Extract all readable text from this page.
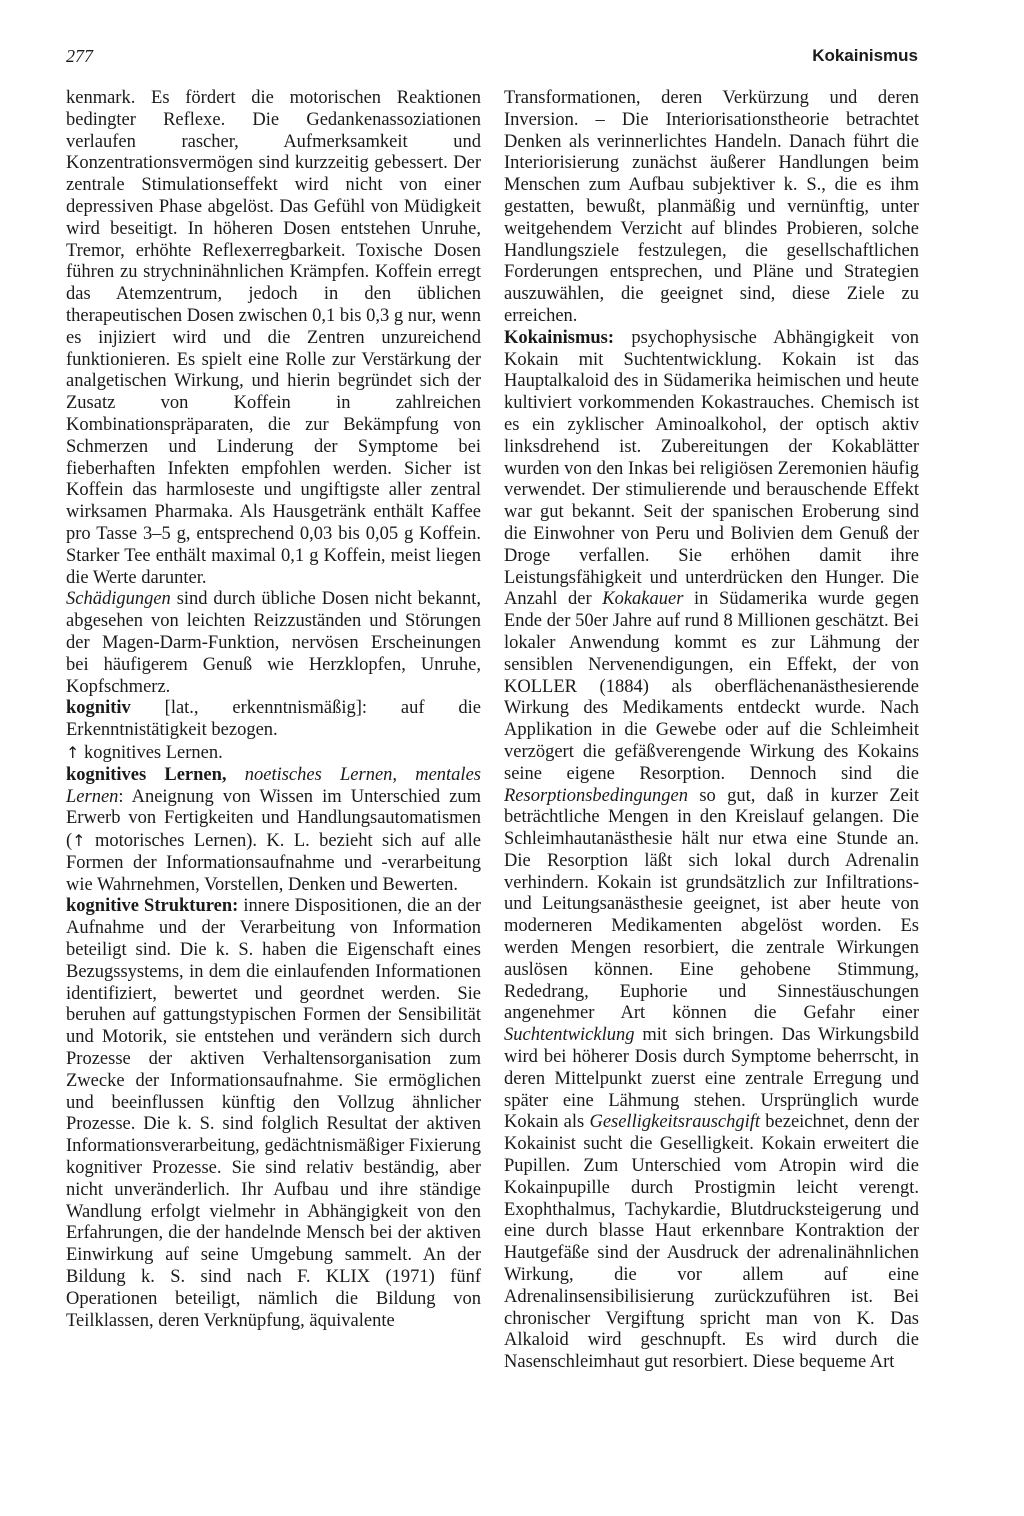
277	Kokainismus

kenmark. Es fördert die motorischen Reaktionen bedingter Reflexe. Die Gedankenassoziationen verlaufen rascher, Aufmerksamkeit und Konzentrationsvermögen sind kurzzeitig gebessert. Der zentrale Stimulationseffekt wird nicht von einer depressiven Phase abgelöst. Das Gefühl von Müdigkeit wird beseitigt. In höheren Dosen entstehen Unruhe, Tremor, erhöhte Reflexerregbarkeit. Toxische Dosen führen zu strychninähnlichen Krämpfen. Koffein erregt das Atemzentrum, jedoch in den üblichen therapeutischen Dosen zwischen 0,1 bis 0,3 g nur, wenn es injiziert wird und die Zentren unzureichend funktionieren. Es spielt eine Rolle zur Verstärkung der analgetischen Wirkung, und hierin begründet sich der Zusatz von Koffein in zahlreichen Kombinationspräparaten, die zur Bekämpfung von Schmerzen und Linderung der Symptome bei fieberhaften Infekten empfohlen werden. Sicher ist Koffein das harmloseste und ungiftigste aller zentral wirksamen Pharmaka. Als Hausgetränk enthält Kaffee pro Tasse 3–5 g, entsprechend 0,03 bis 0,05 g Koffein. Starker Tee enthält maximal 0,1 g Koffein, meist liegen die Werte darunter.

Schädigungen sind durch übliche Dosen nicht bekannt, abgesehen von leichten Reizzuständen und Störungen der Magen-Darm-Funktion, nervösen Erscheinungen bei häufigerem Genuß wie Herzklopfen, Unruhe, Kopfschmerz.

kognitiv [lat., erkenntnismäßig]: auf die Erkenntnistätigkeit bezogen.

↑ kognitives Lernen.

kognitives Lernen, noetisches Lernen, mentales Lernen: Aneignung von Wissen im Unterschied zum Erwerb von Fertigkeiten und Handlungsautomatismen (↑ motorisches Lernen). K. L. bezieht sich auf alle Formen der Informationsaufnahme und -verarbeitung wie Wahrnehmen, Vorstellen, Denken und Bewerten.

kognitive Strukturen: innere Dispositionen, die an der Aufnahme und der Verarbeitung von Information beteiligt sind. Die k. S. haben die Eigenschaft eines Bezugssystems, in dem die einlaufenden Informationen identifiziert, bewertet und geordnet werden. Sie beruhen auf gattungstypischen Formen der Sensibilität und Motorik, sie entstehen und verändern sich durch Prozesse der aktiven Verhaltensorganisation zum Zwecke der Informationsaufnahme. Sie ermöglichen und beeinflussen künftig den Vollzug ähnlicher Prozesse. Die k. S. sind folglich Resultat der aktiven Informationsverarbeitung, gedächtnismäßiger Fixierung kognitiver Prozesse. Sie sind relativ beständig, aber nicht unveränderlich. Ihr Aufbau und ihre ständige Wandlung erfolgt vielmehr in Abhängigkeit von den Erfahrungen, die der handelnde Mensch bei der aktiven Einwirkung auf seine Umgebung sammelt. An der Bildung k. S. sind nach F. KLIX (1971) fünf Operationen beteiligt, nämlich die Bildung von Teilklassen, deren Verknüpfung, äquivalente

Transformationen, deren Verkürzung und deren Inversion. – Die Interiorisationstheorie betrachtet Denken als verinnerlichtes Handeln. Danach führt die Interiorisierung zunächst äußerer Handlungen beim Menschen zum Aufbau subjektiver k. S., die es ihm gestatten, bewußt, planmäßig und vernünftig, unter weitgehendem Verzicht auf blindes Probieren, solche Handlungsziele festzulegen, die gesellschaftlichen Forderungen entsprechen, und Pläne und Strategien auszuwählen, die geeignet sind, diese Ziele zu erreichen.

Kokainismus: psychophysische Abhängigkeit von Kokain mit Suchtentwicklung. Kokain ist das Hauptalkaloid des in Südamerika heimischen und heute kultiviert vorkommenden Kokastrauches. Chemisch ist es ein zyklischer Aminoalkohol, der optisch aktiv linksdrehend ist. Zubereitungen der Kokablätter wurden von den Inkas bei religiösen Zeremonien häufig verwendet. Der stimulierende und berauschende Effekt war gut bekannt. Seit der spanischen Eroberung sind die Einwohner von Peru und Bolivien dem Genuß der Droge verfallen. Sie erhöhen damit ihre Leistungsfähigkeit und unterdrücken den Hunger. Die Anzahl der Kokakauer in Südamerika wurde gegen Ende der 50er Jahre auf rund 8 Millionen geschätzt. Bei lokaler Anwendung kommt es zur Lähmung der sensiblen Nervenendigungen, ein Effekt, der von KOLLER (1884) als oberflächenanästhesierende Wirkung des Medikaments entdeckt wurde. Nach Applikation in die Gewebe oder auf die Schleimheit verzögert die gefäßverengende Wirkung des Kokains seine eigene Resorption. Dennoch sind die Resorptionsbedingungen so gut, daß in kurzer Zeit beträchtliche Mengen in den Kreislauf gelangen. Die Schleimhautanästhesie hält nur etwa eine Stunde an. Die Resorption läßt sich lokal durch Adrenalin verhindern. Kokain ist grundsätzlich zur Infiltrations- und Leitungsanästhesie geeignet, ist aber heute von moderneren Medikamenten abgelöst worden. Es werden Mengen resorbiert, die zentrale Wirkungen auslösen können. Eine gehobene Stimmung, Rededrang, Euphorie und Sinnestäuschungen angenehmer Art können die Gefahr einer Suchtentwicklung mit sich bringen. Das Wirkungsbild wird bei höherer Dosis durch Symptome beherrscht, in deren Mittelpunkt zuerst eine zentrale Erregung und später eine Lähmung stehen. Ursprünglich wurde Kokain als Geselligkeitsrauschgift bezeichnet, denn der Kokainist sucht die Geselligkeit. Kokain erweitert die Pupillen. Zum Unterschied vom Atropin wird die Kokainpupille durch Prostigmin leicht verengt. Exophthalmus, Tachykardie, Blutdrucksteigerung und eine durch blasse Haut erkennbare Kontraktion der Hautgefäße sind der Ausdruck der adrenalinähnlichen Wirkung, die vor allem auf eine Adrenalinsensibilisierung zurückzuführen ist. Bei chronischer Vergiftung spricht man von K. Das Alkaloid wird geschnupft. Es wird durch die Nasenschleimhaut gut resorbiert. Diese bequeme Art
